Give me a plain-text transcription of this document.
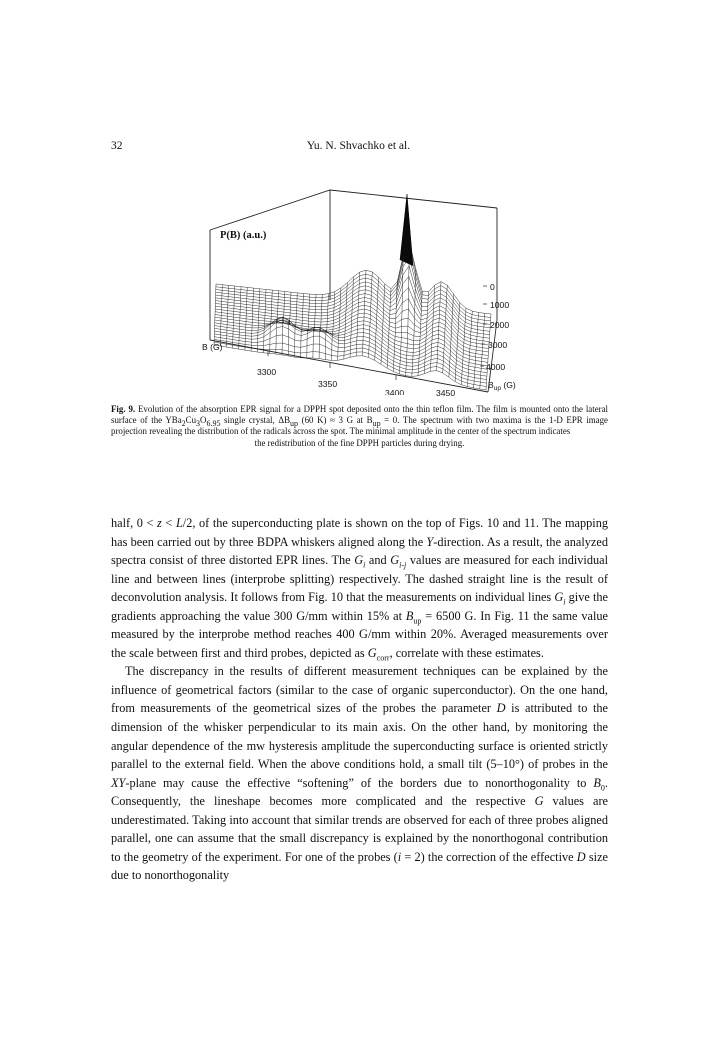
32	Yu. N. Shvachko et al.
P(B) (a.u.)
B (G)
3300
3350
3400
0
1000
2000
3000
4000
$B_{up}$ (G)
3450

Fig. 9. Evolution of the absorption EPR signal for a DPPH spot deposited onto the thin teflon film. The film is mounted onto the lateral surface of the $YBa_2Cu_3O_{6.95}$ single crystal, $\Delta B_{up}$ (60 K) ≈ 3 G at $B_{up} = 0$. The spectrum with two maxima is the 1-D EPR image projection revealing the distribution of the radicals across the spot. The minimal amplitude in the center of the spectrum indicates

the redistribution of the fine DPPH particles during drying.

half, 0 < z < L/2, of the superconducting plate is shown on the top of Figs. 10 and 11. The mapping has been carried out by three BDPA whiskers aligned along the Y-direction. As a result, the analyzed spectra consist of three distorted EPR lines. The $G_i$ and $G_{i-j}$ values are measured for each individual line and between lines (interprobe splitting) respectively. The dashed straight line is the result of deconvolution analysis. It follows from Fig. 10 that the measurements on individual lines $G_i$ give the gradients approaching the value 300 G/mm within 15% at $B_{up} = 6500$ G. In Fig. 11 the same value measured by the interprobe method reaches 400 G/mm within 20%. Averaged measurements over the scale between first and third probes, depicted as $G_{corr}$, correlate with these estimates.

The discrepancy in the results of different measurement techniques can be explained by the influence of geometrical factors (similar to the case of organic superconductor). On the one hand, from measurements of the geometrical sizes of the probes the parameter D is attributed to the dimension of the whisker perpendicular to its main axis. On the other hand, by monitoring the angular dependence of the mw hysteresis amplitude the superconducting surface is oriented strictly parallel to the external field. When the above conditions hold, a small tilt (5–10°) of probes in the XY-plane may cause the effective “softening” of the borders due to nonorthogonality to $B_0$. Consequently, the lineshape becomes more complicated and the respective G values are underestimated. Taking into account that similar trends are observed for each of three probes aligned parallel, one can assume that the small discrepancy is explained by the nonorthogonal contribution to the geometry of the experiment. For one of the probes (i = 2) the correction of the effective D size due to nonorthogonality
